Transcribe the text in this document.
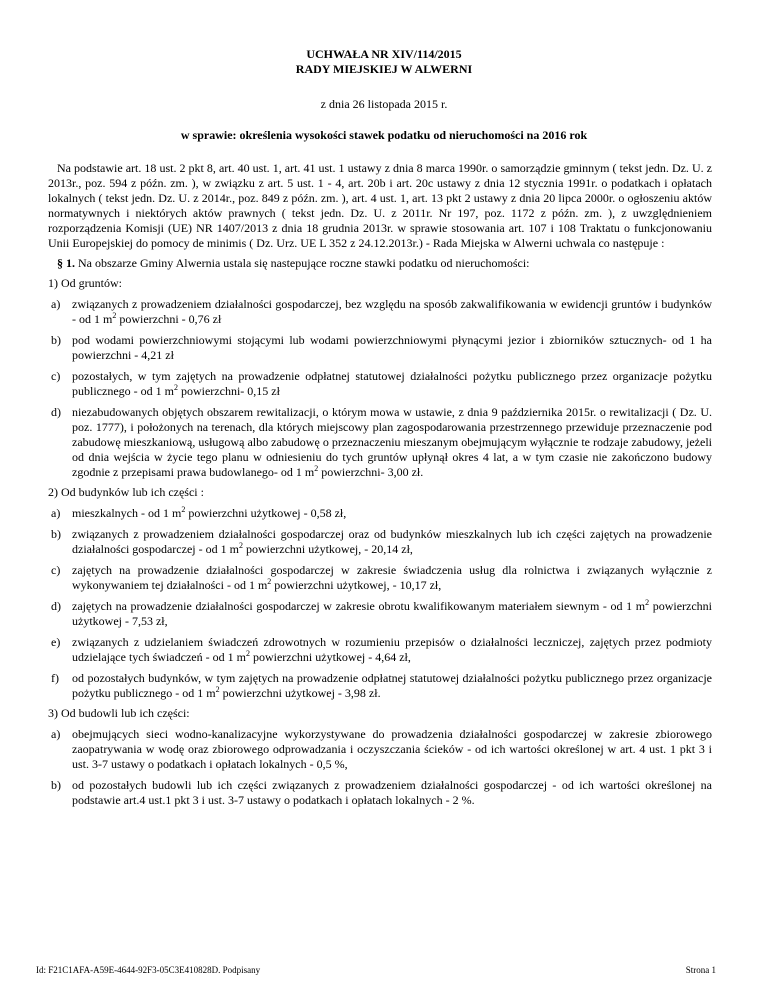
UCHWAŁA NR XIV/114/2015
RADY MIEJSKIEJ W ALWERNI
z dnia 26 listopada 2015 r.
w sprawie: określenia wysokości stawek podatku od nieruchomości na 2016 rok

Na podstawie art. 18 ust. 2 pkt 8, art. 40 ust. 1, art. 41 ust. 1 ustawy z dnia 8 marca 1990r. o samorządzie gminnym ( tekst jedn. Dz. U. z 2013r., poz. 594 z późn. zm. ), w związku z art. 5 ust. 1 - 4, art. 20b i art. 20c ustawy z dnia 12 stycznia 1991r. o podatkach i opłatach lokalnych ( tekst jedn. Dz. U. z 2014r., poz. 849 z późn. zm. ), art. 4 ust. 1, art. 13 pkt 2 ustawy z dnia 20 lipca 2000r. o ogłoszeniu aktów normatywnych i niektórych aktów prawnych ( tekst jedn. Dz. U. z 2011r. Nr 197, poz. 1172 z późn. zm. ), z uwzględnieniem rozporządzenia Komisji (UE) NR 1407/2013 z dnia 18 grudnia 2013r. w sprawie stosowania art. 107 i 108 Traktatu o funkcjonowaniu Unii Europejskiej do pomocy de minimis ( Dz. Urz. UE L 352 z 24.12.2013r.) - Rada Miejska w Alwerni uchwala co następuje :

§ 1. Na obszarze Gminy Alwernia ustala się nastepujące roczne stawki podatku od nieruchomości:

1) Od gruntów:

a) związanych z prowadzeniem działalności gospodarczej, bez względu na sposób zakwalifikowania w ewidencji gruntów i budynków - od 1 $m^2$ powierzchni - 0,76 zł
b) pod wodami powierzchniowymi stojącymi lub wodami powierzchniowymi płynącymi jezior i zbiorników sztucznych- od 1 ha powierzchni - 4,21 zł
c) pozostałych, w tym zajętych na prowadzenie odpłatnej statutowej działalności pożytku publicznego przez organizacje pożytku publicznego - od 1 $m^2$ powierzchni- 0,15 zł
d) niezabudowanych objętych obszarem rewitalizacji, o którym mowa w ustawie, z dnia 9 października 2015r. o rewitalizacji ( Dz. U. poz. 1777), i położonych na terenach, dla których miejscowy plan zagospodarowania przestrzennego przewiduje przeznaczenie pod zabudowę mieszkaniową, usługową albo zabudowę o przeznaczeniu mieszanym obejmującym wyłącznie te rodzaje zabudowy, jeżeli od dnia wejścia w życie tego planu w odniesieniu do tych gruntów upłynął okres 4 lat, a w tym czasie nie zakończono budowy zgodnie z przepisami prawa budowlanego- od 1 $m^2$ powierzchni- 3,00 zł.

2) Od budynków lub ich części :

a) mieszkalnych - od 1 $m^2$ powierzchni użytkowej - 0,58 zł,
b) związanych z prowadzeniem działalności gospodarczej oraz od budynków mieszkalnych lub ich części zajętych na prowadzenie działalności gospodarczej - od 1 $m^2$ powierzchni użytkowej, - 20,14 zł,
c) zajętych na prowadzenie działalności gospodarczej w zakresie świadczenia usług dla rolnictwa i związanych wyłącznie z wykonywaniem tej działalności - od 1 $m^2$ powierzchni użytkowej, - 10,17 zł,
d) zajętych na prowadzenie działalności gospodarczej w zakresie obrotu kwalifikowanym materiałem siewnym - od 1 $m^2$ powierzchni użytkowej - 7,53 zł,
e) związanych z udzielaniem świadczeń zdrowotnych w rozumieniu przepisów o działalności leczniczej, zajętych przez podmioty udzielające tych świadczeń - od 1 $m^2$ powierzchni użytkowej - 4,64 zł,
f) od pozostałych budynków, w tym zajętych na prowadzenie odpłatnej statutowej działalności pożytku publicznego przez organizacje pożytku publicznego - od 1 $m^2$ powierzchni użytkowej - 3,98 zł.

3) Od budowli lub ich części:

a) obejmujących sieci wodno-kanalizacyjne wykorzystywane do prowadzenia działalności gospodarczej w zakresie zbiorowego zaopatrywania w wodę oraz zbiorowego odprowadzania i oczyszczania ścieków - od ich wartości określonej w art. 4 ust. 1 pkt 3 i ust. 3-7 ustawy o podatkach i opłatach lokalnych - 0,5 %,
b) od pozostałych budowli lub ich części związanych z prowadzeniem działalności gospodarczej - od ich wartości określonej na podstawie art.4 ust.1 pkt 3 i ust. 3-7 ustawy o podatkach i opłatach lokalnych - 2 %.
Id: F21C1AFA-A59E-4644-92F3-05C3E410828D. Podpisany	Strona 1
